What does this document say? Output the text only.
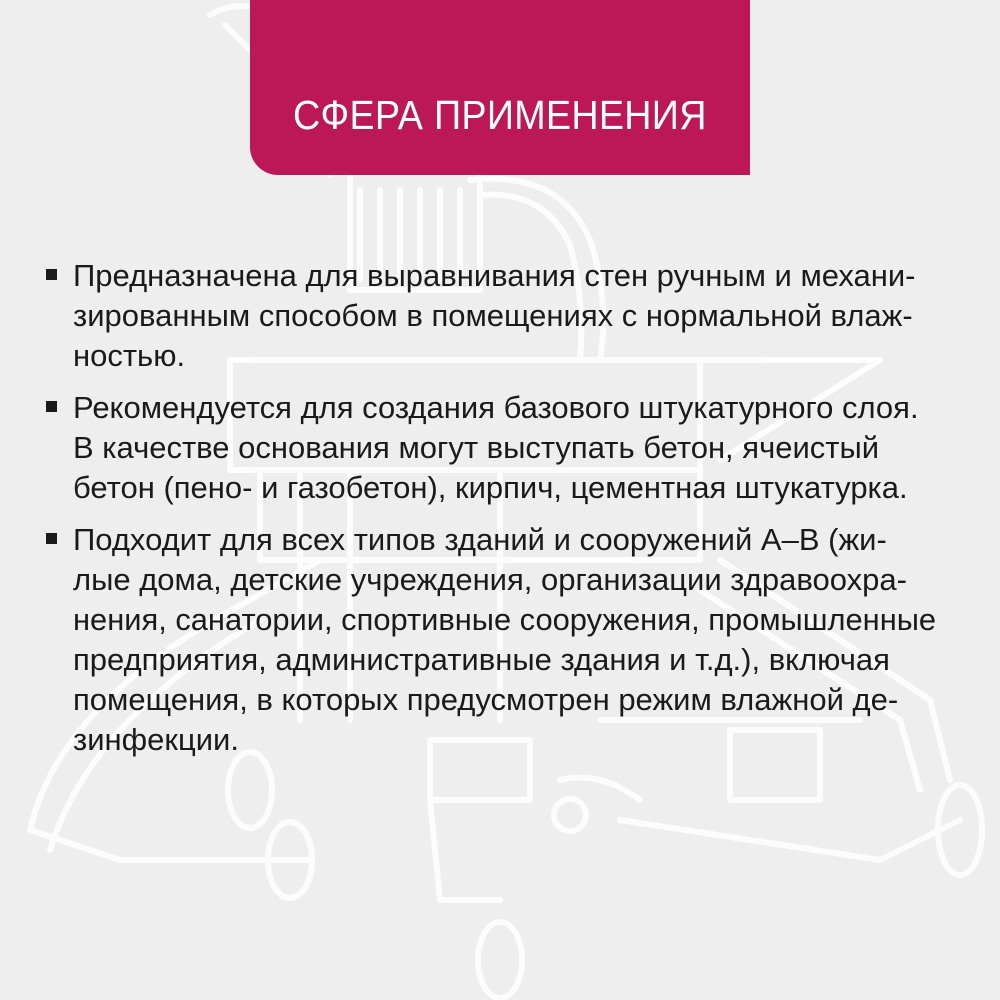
СФЕРА ПРИМЕНЕНИЯ
Предназначена для выравнивания стен ручным и механи-
зированным способом в помещениях с нормальной влаж-
ностью.
Рекомендуется для создания базового штукатурного слоя.
В качестве основания могут выступать бетон, ячеистый
бетон (пено- и газобетон), кирпич, цементная штукатурка.
Подходит для всех типов зданий и сооружений А–В (жи-
лые дома, детские учреждения, организации здравоохра-
нения, санатории, спортивные сооружения, промышленные
предприятия, административные здания и т.д.), включая
помещения, в которых предусмотрен режим влажной де-
зинфекции.
